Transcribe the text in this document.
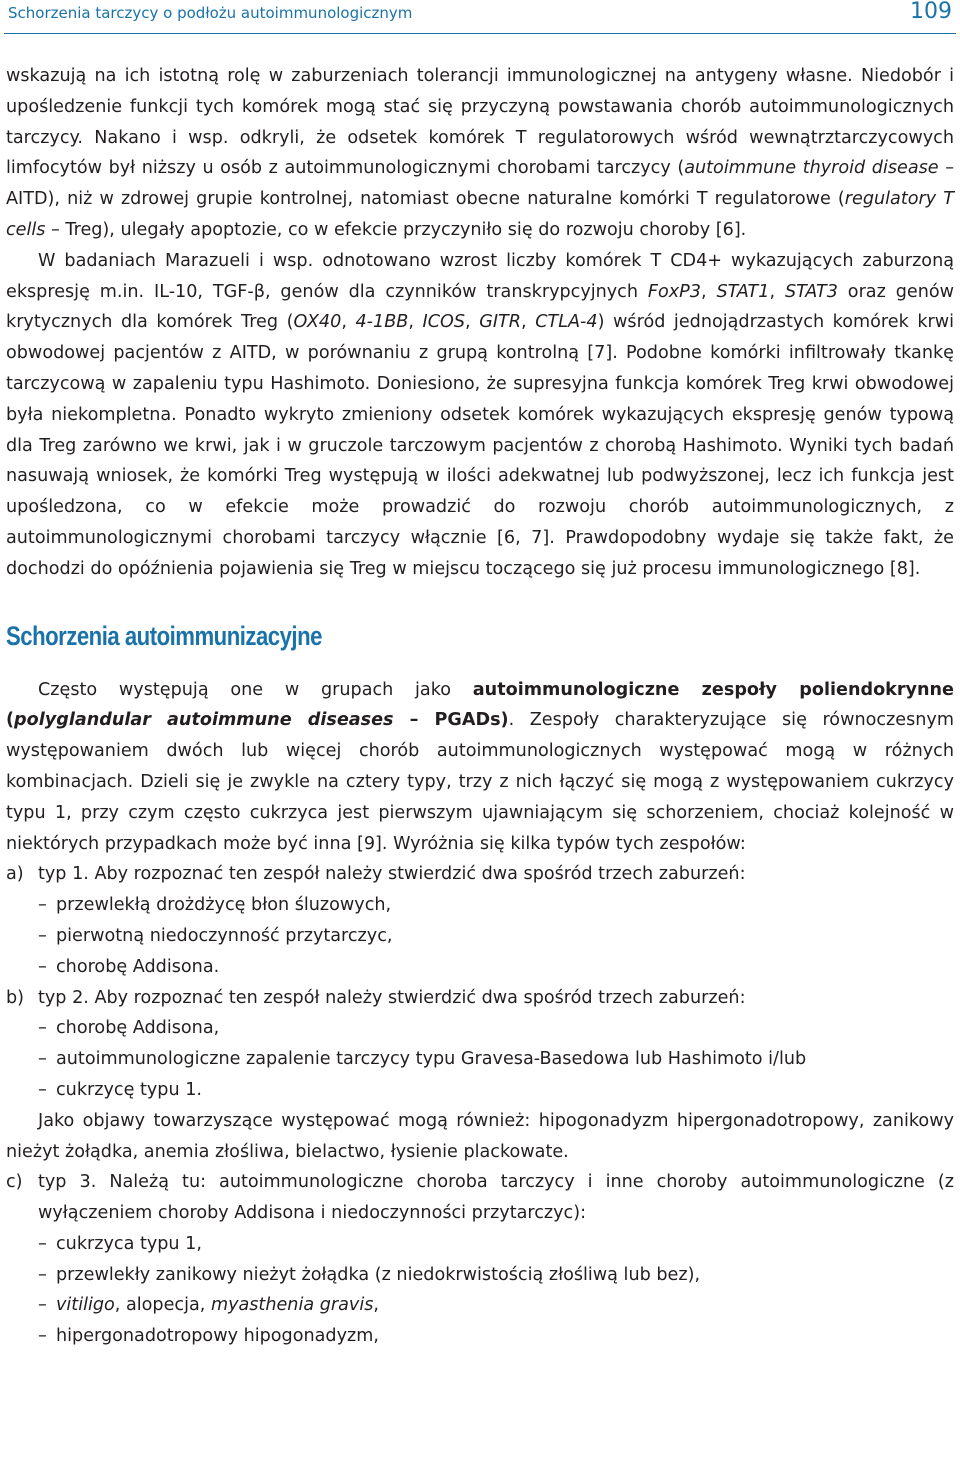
Schorzenia tarczycy o podłożu autoimmunologicznym	109

wskazują na ich istotną rolę w zaburzeniach tolerancji immunologicznej na antygeny własne. Niedobór i upośledzenie funkcji tych komórek mogą stać się przyczyną powstawania chorób autoimmunologicznych tarczycy. Nakano i wsp. odkryli, że odsetek komórek T regulatorowych wśród wewnątrztarczycowych limfocytów był niższy u osób z autoimmunologicznymi chorobami tarczycy (autoimmune thyroid disease – AITD), niż w zdrowej grupie kontrolnej, natomiast obecne naturalne komórki T regulatorowe (regulatory T cells – Treg), ulegały apoptozie, co w efekcie przyczyniło się do rozwoju choroby [6].

W badaniach Marazueli i wsp. odnotowano wzrost liczby komórek T CD4+ wykazujących zaburzoną ekspresję m.in. IL-10, TGF-β, genów dla czynników transkrypcyjnych FoxP3, STAT1, STAT3 oraz genów krytycznych dla komórek Treg (OX40, 4-1BB, ICOS, GITR, CTLA-4) wśród jednojądrzastych komórek krwi obwodowej pacjentów z AITD, w porównaniu z grupą kontrolną [7]. Podobne komórki infiltrowały tkankę tarczycową w zapaleniu typu Hashimoto. Doniesiono, że supresyjna funkcja komórek Treg krwi obwodowej była niekompletna. Ponadto wykryto zmieniony odsetek komórek wykazujących ekspresję genów typową dla Treg zarówno we krwi, jak i w gruczole tarczowym pacjentów z chorobą Hashimoto. Wyniki tych badań nasuwają wniosek, że komórki Treg występują w ilości adekwatnej lub podwyższonej, lecz ich funkcja jest upośledzona, co w efekcie może prowadzić do rozwoju chorób autoimmunologicznych, z autoimmunologicznymi chorobami tarczycy włącznie [6, 7]. Prawdopodobny wydaje się także fakt, że dochodzi do opóźnienia pojawienia się Treg w miejscu toczącego się już procesu immunologicznego [8].

Schorzenia autoimmunizacyjne

Często występują one w grupach jako autoimmunologiczne zespoły poliendokrynne (polyglandular autoimmune diseases – PGADs). Zespoły charakteryzujące się równoczesnym występowaniem dwóch lub więcej chorób autoimmunologicznych występować mogą w różnych kombinacjach. Dzieli się je zwykle na cztery typy, trzy z nich łączyć się mogą z występowaniem cukrzycy typu 1, przy czym często cukrzyca jest pierwszym ujawniającym się schorzeniem, chociaż kolejność w niektórych przypadkach może być inna [9]. Wyróżnia się kilka typów tych zespołów:

a) typ 1. Aby rozpoznać ten zespół należy stwierdzić dwa spośród trzech zaburzeń:

– przewlekłą drożdżycę błon śluzowych,
– pierwotną niedoczynność przytarczyc,
– chorobę Addisona.

b) typ 2. Aby rozpoznać ten zespół należy stwierdzić dwa spośród trzech zaburzeń:

– chorobę Addisona,
– autoimmunologiczne zapalenie tarczycy typu Gravesa-Basedowa lub Hashimoto i/lub
– cukrzycę typu 1.

Jako objawy towarzyszące występować mogą również: hipogonadyzm hipergonadotropowy, zanikowy nieżyt żołądka, anemia złośliwa, bielactwo, łysienie plackowate.

c) typ 3. Należą tu: autoimmunologiczne choroba tarczycy i inne choroby autoimmunologiczne (z wyłączeniem choroby Addisona i niedoczynności przytarczyc):

– cukrzyca typu 1,
– przewlekły zanikowy nieżyt żołądka (z niedokrwistością złośliwą lub bez),
– vitiligo, alopecja, myasthenia gravis,
– hipergonadotropowy hipogonadyzm,
